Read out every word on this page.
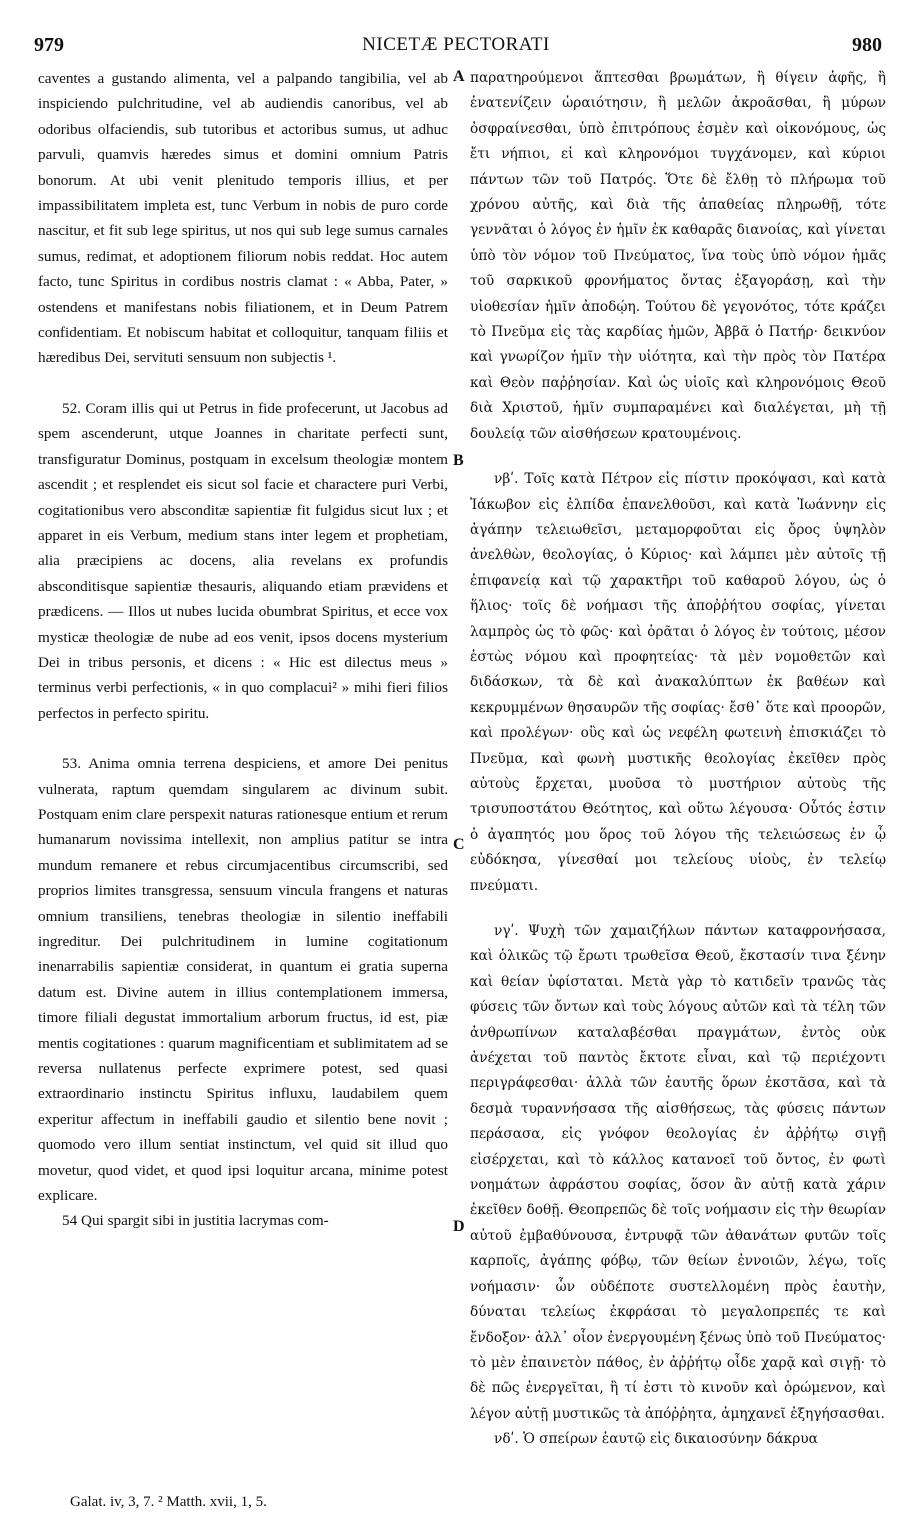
979	NICETÆ PECTORATI	980

caventes a gustando alimenta, vel a palpando tangibilia, vel ab inspiciendo pulchritudine, vel ab audiendis canoribus, vel ab odoribus olfaciendis, sub tutoribus et actoribus sumus, ut adhuc parvuli, quamvis hæredes simus et domini omnium Patris bonorum. At ubi venit plenitudo temporis illius, et per impassibilitatem impleta est, tunc Verbum in nobis de puro corde nascitur, et fit sub lege spiritus, ut nos qui sub lege sumus carnales sumus, redimat, et adoptionem filiorum nobis reddat. Hoc autem facto, tunc Spiritus in cordibus nostris clamat : « Abba, Pater, » ostendens et manifestans nobis filiationem, et in Deum Patrem confidentiam. Et nobiscum habitat et colloquitur, tanquam filiis et hæredibus Dei, servituti sensuum non subjectis ¹.

52. Coram illis qui ut Petrus in fide profecerunt, ut Jacobus ad spem ascenderunt, utque Joannes in charitate perfecti sunt, transfiguratur Dominus, postquam in excelsum theologiæ montem ascendit ; et resplendet eis sicut sol facie et charactere puri Verbi, cogitationibus vero absconditæ sapientiæ fit fulgidus sicut lux ; et apparet in eis Verbum, medium stans inter legem et prophetiam, alia præcipiens ac docens, alia revelans ex profundis absconditisque sapientiæ thesauris, aliquando etiam prævidens et prædicens. — Illos ut nubes lucida obumbrat Spiritus, et ecce vox mysticæ theologiæ de nube ad eos venit, ipsos docens mysterium Dei in tribus personis, et dicens : « Hic est dilectus meus » terminus verbi perfectionis, « in quo complacui² » mihi fieri filios perfectos in perfecto spiritu.

53. Anima omnia terrena despiciens, et amore Dei penitus vulnerata, raptum quemdam singularem ac divinum subit. Postquam enim clare perspexit naturas rationesque entium et rerum humanarum novissima intellexit, non amplius patitur se intra mundum remanere et rebus circumjacentibus circumscribi, sed proprios limites transgressa, sensuum vincula frangens et naturas omnium transiliens, tenebras theologiæ in silentio ineffabili ingreditur. Dei pulchritudinem in lumine cogitationum inenarrabilis sapientiæ considerat, in quantum ei gratia superna datum est. Divine autem in illius contemplationem immersa, timore filiali degustat immortalium arborum fructus, id est, piæ mentis cogitationes : quarum magnificentiam et sublimitatem ad se reversa nullatenus perfecte exprimere potest, sed quasi extraordinario instinctu Spiritus influxu, laudabilem quem experitur affectum in ineffabili gaudio et silentio bene novit ; quomodo vero illum sentiat instinctum, vel quid sit illud quo movetur, quod videt, et quod ipsi loquitur arcana, minime potest explicare.

54 Qui spargit sibi in justitia lacrymas com-

παρατηρούμενοι ἅπτεσθαι βρωμάτων, ἢ θίγειν ἁφῆς, ἢ ἐνατενίζειν ὡραιότησιν, ἢ μελῶν ἀκροᾶσθαι, ἢ μύρων ὀσφραίνεσθαι, ὑπὸ ἐπιτρόπους ἐσμὲν καὶ οἰκονόμους, ὡς ἔτι νήπιοι, εἰ καὶ κληρονόμοι τυγχάνομεν, καὶ κύριοι πάντων τῶν τοῦ Πατρός. Ὅτε δὲ ἔλθῃ τὸ πλήρωμα τοῦ χρόνου αὐτῆς, καὶ διὰ τῆς ἀπαθείας πληρωθῇ, τότε γεννᾶται ὁ λόγος ἐν ἡμῖν ἐκ καθαρᾶς διανοίας, καὶ γίνεται ὑπὸ τὸν νόμον τοῦ Πνεύματος, ἵνα τοὺς ὑπὸ νόμον ἡμᾶς τοῦ σαρκικοῦ φρονήματος ὄντας ἐξαγοράσῃ, καὶ τὴν υἱοθεσίαν ἡμῖν ἀποδῴη. Τούτου δὲ γεγονότος, τότε κράζει τὸ Πνεῦμα εἰς τὰς καρδίας ἡμῶν, Ἀββᾶ ὁ Πατήρ· δεικνύον καὶ γνωρίζον ἡμῖν τὴν υἱότητα, καὶ τὴν πρὸς τὸν Πατέρα καὶ Θεὸν παῤῥησίαν. Καὶ ὡς υἱοῖς καὶ κληρονόμοις Θεοῦ διὰ Χριστοῦ, ἡμῖν συμπαραμένει καὶ διαλέγεται, μὴ τῇ δουλείᾳ τῶν αἰσθήσεων κρατουμένοις.

νβʹ. Τοῖς κατὰ Πέτρον εἰς πίστιν προκόψασι, καὶ κατὰ Ἰάκωβον εἰς ἐλπίδα ἐπανελθοῦσι, καὶ κατὰ Ἰωάννην εἰς ἀγάπην τελειωθεῖσι, μεταμορφοῦται εἰς ὄρος ὑψηλὸν ἀνελθὼν, θεολογίας, ὁ Κύριος· καὶ λάμπει μὲν αὐτοῖς τῇ ἐπιφανείᾳ καὶ τῷ χαρακτῆρι τοῦ καθαροῦ λόγου, ὡς ὁ ἥλιος· τοῖς δὲ νοήμασι τῆς ἀποῤῥήτου σοφίας, γίνεται λαμπρὸς ὡς τὸ φῶς· καὶ ὁρᾶται ὁ λόγος ἐν τούτοις, μέσον ἑστὼς νόμου καὶ προφητείας· τὰ μὲν νομοθετῶν καὶ διδάσκων, τὰ δὲ καὶ ἀνακαλύπτων ἐκ βαθέων καὶ κεκρυμμένων θησαυρῶν τῆς σοφίας· ἔσθ᾽ ὅτε καὶ προορῶν, καὶ προλέγων· οὓς καὶ ὡς νεφέλη φωτεινὴ ἐπισκιάζει τὸ Πνεῦμα, καὶ φωνὴ μυστικῆς θεολογίας ἐκεῖθεν πρὸς αὐτοὺς ἔρχεται, μυοῦσα τὸ μυστήριον αὐτοὺς τῆς τρισυποστάτου Θεότητος, καὶ οὕτω λέγουσα· Οὗτός ἐστιν ὁ ἀγαπητός μου ὅρος τοῦ λόγου τῆς τελειώσεως ἐν ᾧ εὐδόκησα, γίνεσθαί μοι τελείους υἱοὺς, ἐν τελείῳ πνεύματι.

νγʹ. Ψυχὴ τῶν χαμαιζήλων πάντων καταφρονήσασα, καὶ ὁλικῶς τῷ ἔρωτι τρωθεῖσα Θεοῦ, ἔκστασίν τινα ξένην καὶ θείαν ὑφίσταται. Μετὰ γὰρ τὸ κατιδεῖν τρανῶς τὰς φύσεις τῶν ὄντων καὶ τοὺς λόγους αὐτῶν καὶ τὰ τέλη τῶν ἀνθρωπίνων καταλαβέσθαι πραγμάτων, ἐντὸς οὐκ ἀνέχεται τοῦ παντὸς ἔκτοτε εἶναι, καὶ τῷ περιέχοντι περιγράφεσθαι· ἀλλὰ τῶν ἑαυτῆς ὅρων ἐκστᾶσα, καὶ τὰ δεσμὰ τυραννήσασα τῆς αἰσθήσεως, τὰς φύσεις πάντων περάσασα, εἰς γνόφον θεολογίας ἐν ἀῤῥήτῳ σιγῇ εἰσέρχεται, καὶ τὸ κάλλος κατανοεῖ τοῦ ὄντος, ἐν φωτὶ νοημάτων ἀφράστου σοφίας, ὅσον ἂν αὐτῇ κατὰ χάριν ἐκεῖθεν δοθῇ. Θεοπρεπῶς δὲ τοῖς νοήμασιν εἰς τὴν θεωρίαν αὐτοῦ ἐμβαθύνουσα, ἐντρυφᾷ τῶν ἀθανάτων φυτῶν τοῖς καρποῖς, ἀγάπης φόβῳ, τῶν θείων ἐννοιῶν, λέγω, τοῖς νοήμασιν· ὧν οὐδέποτε συστελλομένη πρὸς ἑαυτὴν, δύναται τελείως ἐκφράσαι τὸ μεγαλοπρεπές τε καὶ ἔνδοξον· ἀλλ᾽ οἷον ἐνεργουμένη ξένως ὑπὸ τοῦ Πνεύματος· τὸ μὲν ἐπαινετὸν πάθος, ἐν ἀῤῥήτῳ οἶδε χαρᾷ καὶ σιγῇ· τὸ δὲ πῶς ἐνεργεῖται, ἢ τί ἐστι τὸ κινοῦν καὶ ὁρώμενον, καὶ λέγον αὐτῇ μυστικῶς τὰ ἀπόῤῥητα, ἀμηχανεῖ ἐξηγήσασθαι.

νδʹ. Ὁ σπείρων ἑαυτῷ εἰς δικαιοσύνην δάκρυα

A
B
C
D
Galat. iv, 3, 7. ² Matth. xvii, 1, 5.
